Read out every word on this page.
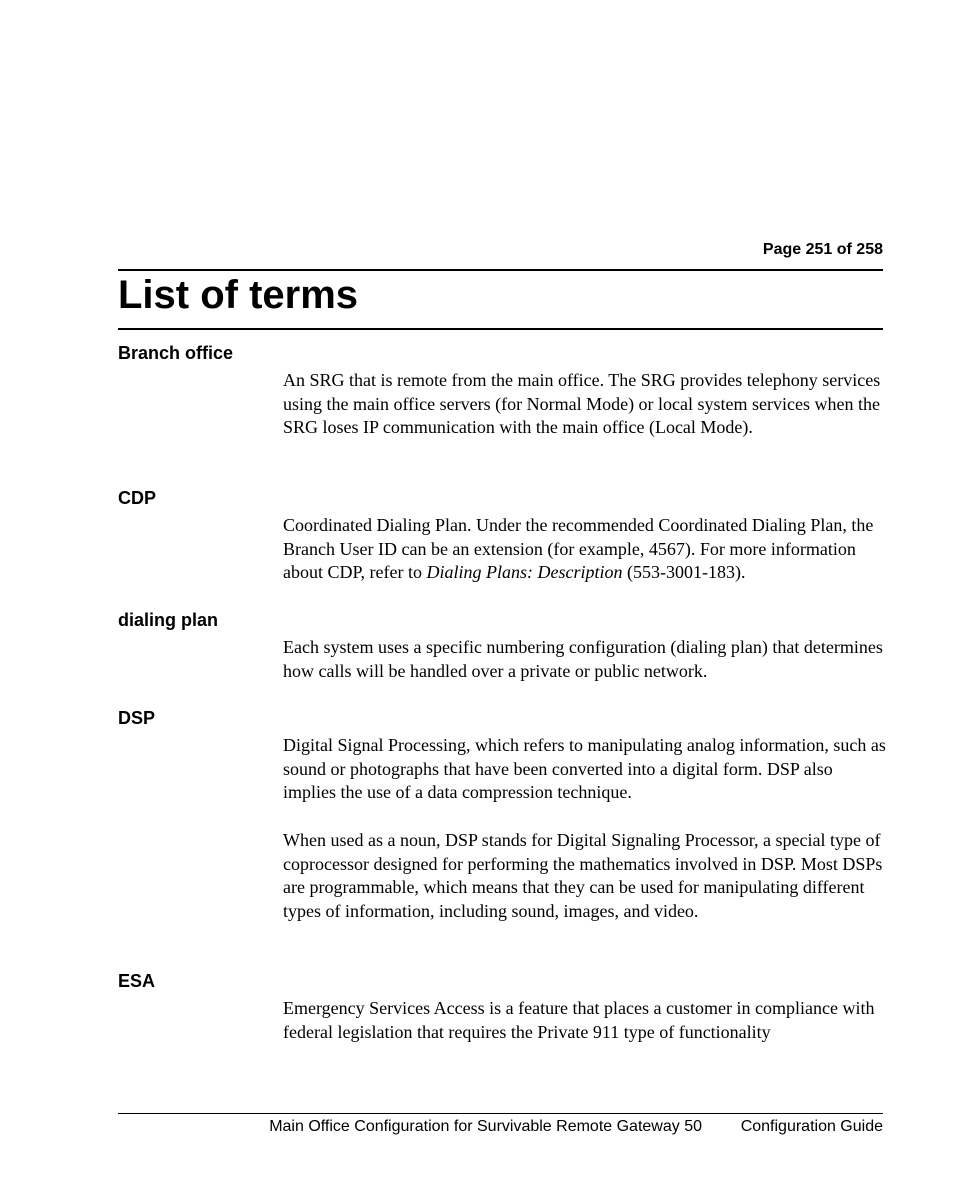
Page 251 of 258
List of terms
Branch office

An SRG that is remote from the main office. The SRG provides telephony services using the main office servers (for Normal Mode) or local system services when the SRG loses IP communication with the main office (Local Mode).

CDP

Coordinated Dialing Plan. Under the recommended Coordinated Dialing Plan, the Branch User ID can be an extension (for example, 4567). For more information about CDP, refer to Dialing Plans: Description (553-3001-183).

dialing plan

Each system uses a specific numbering configuration (dialing plan) that determines how calls will be handled over a private or public network.

DSP

Digital Signal Processing, which refers to manipulating analog information, such as sound or photographs that have been converted into a digital form. DSP also implies the use of a data compression technique.

When used as a noun, DSP stands for Digital Signaling Processor, a special type of coprocessor designed for performing the mathematics involved in DSP. Most DSPs are programmable, which means that they can be used for manipulating different types of information, including sound, images, and video.

ESA

Emergency Services Access is a feature that places a customer in compliance with federal legislation that requires the Private 911 type of functionality

Main Office Configuration for Survivable Remote Gateway 50 Configuration Guide
